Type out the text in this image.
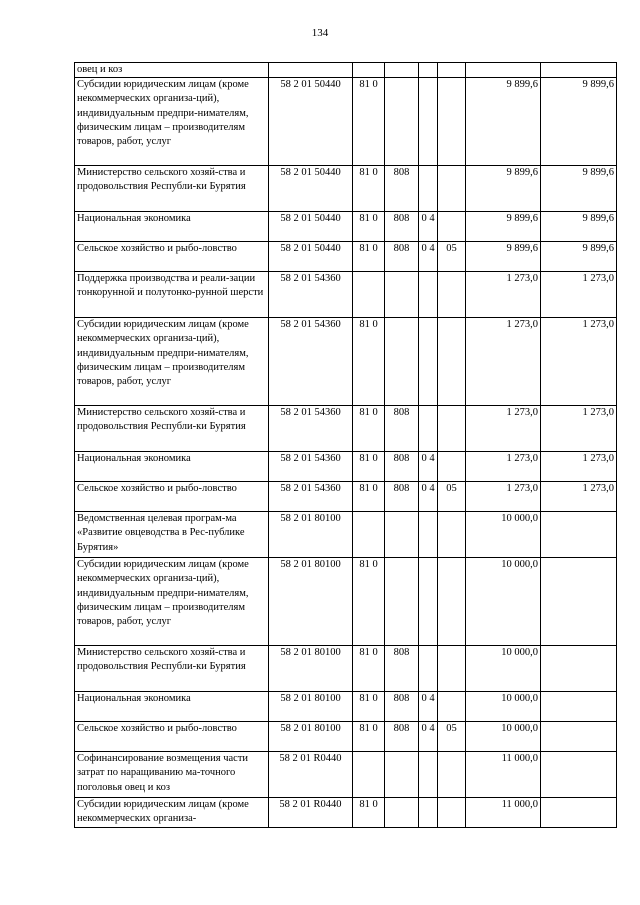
134
овец и коз							
Субсидии юридическим лицам (кроме некоммерческих организа-ций), индивидуальным предпри-нимателям, физическим лицам – производителям товаров, работ, услуг	58 2 01 50440	81 0				9 899,6	9 899,6
Министерство сельского хозяй-ства и продовольствия Республи-ки Бурятия	58 2 01 50440	81 0	808			9 899,6	9 899,6
Национальная экономика	58 2 01 50440	81 0	808	0 4		9 899,6	9 899,6
Сельское хозяйство и рыбо-ловство	58 2 01 50440	81 0	808	0 4	05	9 899,6	9 899,6
Поддержка производства и реали-зации тонкорунной и полутонко-рунной шерсти	58 2 01 54360					1 273,0	1 273,0
Субсидии юридическим лицам (кроме некоммерческих организа-ций), индивидуальным предпри-нимателям, физическим лицам – производителям товаров, работ, услуг	58 2 01 54360	81 0				1 273,0	1 273,0
Министерство сельского хозяй-ства и продовольствия Республи-ки Бурятия	58 2 01 54360	81 0	808			1 273,0	1 273,0
Национальная экономика	58 2 01 54360	81 0	808	0 4		1 273,0	1 273,0
Сельское хозяйство и рыбо-ловство	58 2 01 54360	81 0	808	0 4	05	1 273,0	1 273,0
Ведомственная целевая програм-ма «Развитие овцеводства в Рес-публике Бурятия»	58 2 01 80100					10 000,0	
Субсидии юридическим лицам (кроме некоммерческих организа-ций), индивидуальным предпри-нимателям, физическим лицам – производителям товаров, работ, услуг	58 2 01 80100	81 0				10 000,0	
Министерство сельского хозяй-ства и продовольствия Республи-ки Бурятия	58 2 01 80100	81 0	808			10 000,0	
Национальная экономика	58 2 01 80100	81 0	808	0 4		10 000,0	
Сельское хозяйство и рыбо-ловство	58 2 01 80100	81 0	808	0 4	05	10 000,0	
Софинансирование возмещения части затрат по наращиванию ма-точного поголовья овец и коз	58 2 01 R0440					11 000,0	
Субсидии юридическим лицам (кроме некоммерческих организа-	58 2 01 R0440	81 0				11 000,0	
